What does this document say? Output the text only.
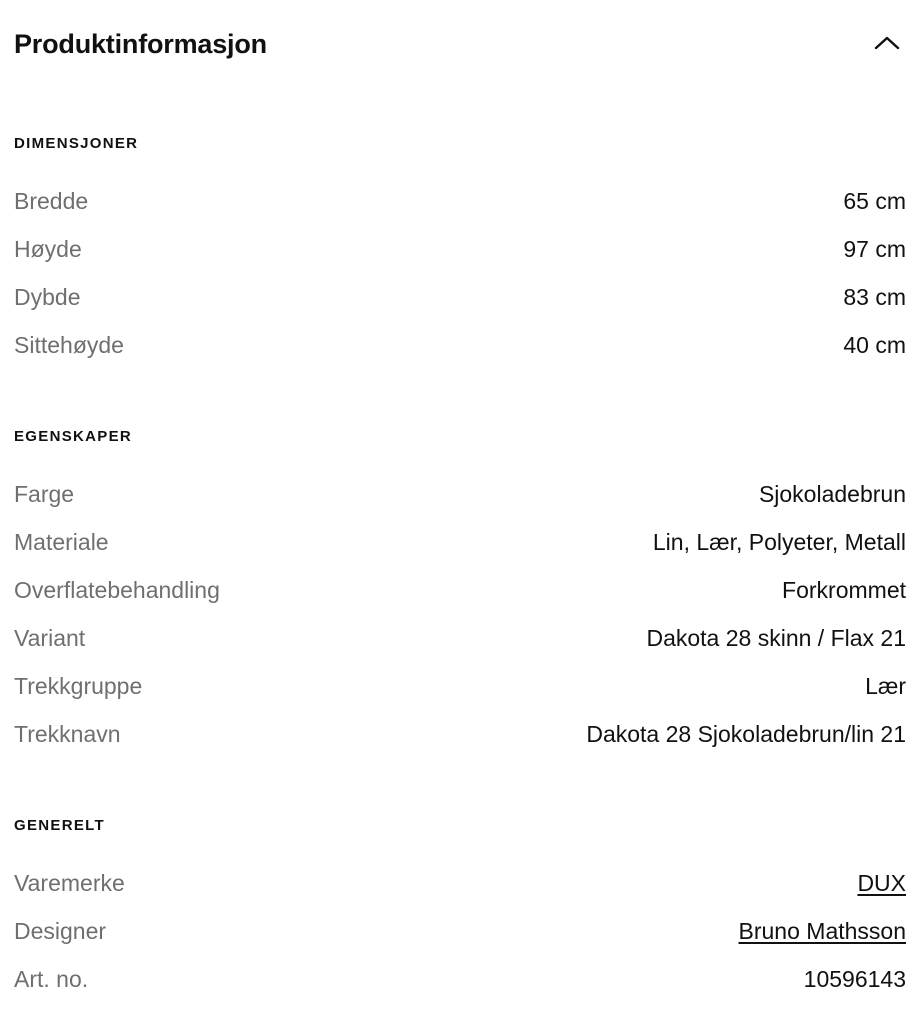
Produktinformasjon
DIMENSJONER
Bredde	65 cm
Høyde	97 cm
Dybde	83 cm
Sittehøyde	40 cm
EGENSKAPER
Farge	Sjokoladebrun
Materiale	Lin, Lær, Polyeter, Metall
Overflatebehandling	Forkrommet
Variant	Dakota 28 skinn / Flax 21
Trekkgruppe	Lær
Trekknavn	Dakota 28 Sjokoladebrun/lin 21
GENERELT
Varemerke	DUX
Designer	Bruno Mathsson
Art. no.	10596143
